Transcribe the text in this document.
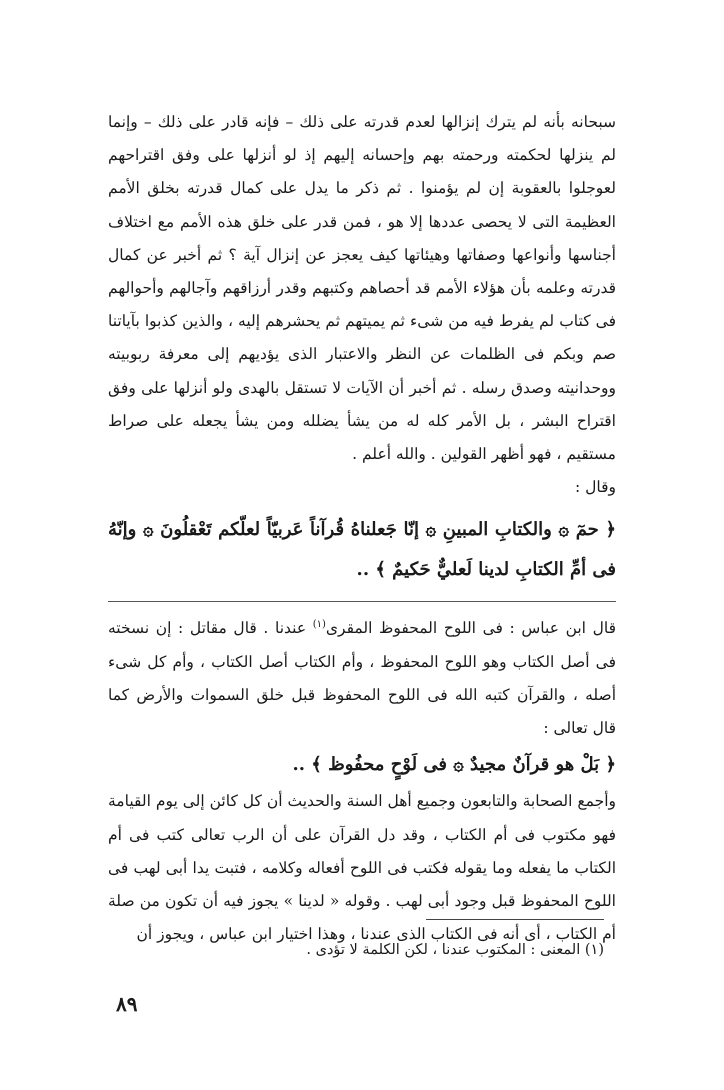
سبحانه بأنه لم يترك إنزالها لعدم قدرته على ذلك – فإنه قادر على ذلك – وإنما لم ينزلها لحكمته ورحمته بهم وإحسانه إليهم إذ لو أنزلها على وفق اقتراحهم لعوجلوا بالعقوبة إن لم يؤمنوا . ثم ذكر ما يدل على كمال قدرته بخلق الأمم العظيمة التى لا يحصى عددها إلا هو ، فمن قدر على خلق هذه الأمم مع اختلاف أجناسها وأنواعها وصفاتها وهيئاتها كيف يعجز عن إنزال آية ؟ ثم أخبر عن كمال قدرته وعلمه بأن هؤلاء الأمم قد أحصاهم وكتبهم وقدر أرزاقهم وآجالهم وأحوالهم فى كتاب لم يفرط فيه من شىء ثم يميتهم ثم يحشرهم إليه ، والذين كذبوا بآياتنا صم وبكم فى الظلمات عن النظر والاعتبار الذى يؤديهم إلى معرفة ربوبيته ووحدانيته وصدق رسله . ثم أخبر أن الآيات لا تستقل بالهدى ولو أنزلها على وفق اقتراح البشر ، بل الأمر كله له من يشأ يضلله ومن يشأ يجعله على صراط مستقيم ، فهو أظهر القولين . والله أعلم .

وقال :

﴿ حمٓ ۞ والكتابِ المبينِ ۞ إنّا جَعلناهُ قُرآناً عَربيّاً لعلّكم تَعْقلُونَ ۞ وإنّهُ فى أمِّ الكتابِ لدينا لَعليٌّ حَكيمٌ ﴾ ..

قال ابن عباس : فى اللوح المحفوظ المقرى$^{(١)}$ عندنا . قال مقاتل : إن نسخته فى أصل الكتاب وهو اللوح المحفوظ ، وأم الكتاب أصل الكتاب ، وأم كل شىء أصله ، والقرآن كتبه الله فى اللوح المحفوظ قبل خلق السموات والأرض كما قال تعالى :

﴿ بَلْ هو قرآنٌ مجيدٌ ۞ فى لَوْحٍ محفُوظ ﴾ ..

وأجمع الصحابة والتابعون وجميع أهل السنة والحديث أن كل كائن إلى يوم القيامة فهو مكتوب فى أم الكتاب ، وقد دل القرآن على أن الرب تعالى كتب فى أم الكتاب ما يفعله وما يقوله فكتب فى اللوح أفعاله وكلامه ، فتبت يدا أبى لهب فى اللوح المحفوظ قبل وجود أبى لهب . وقوله « لدينا » يجوز فيه أن تكون من صلة أم الكتاب ، أى أنه فى الكتاب الذى عندنا ، وهذا اختيار ابن عباس ، ويجوز أن

(١) المعنى : المكتوب عندنا ، لكن الكلمة لا تؤدى .
٨٩
